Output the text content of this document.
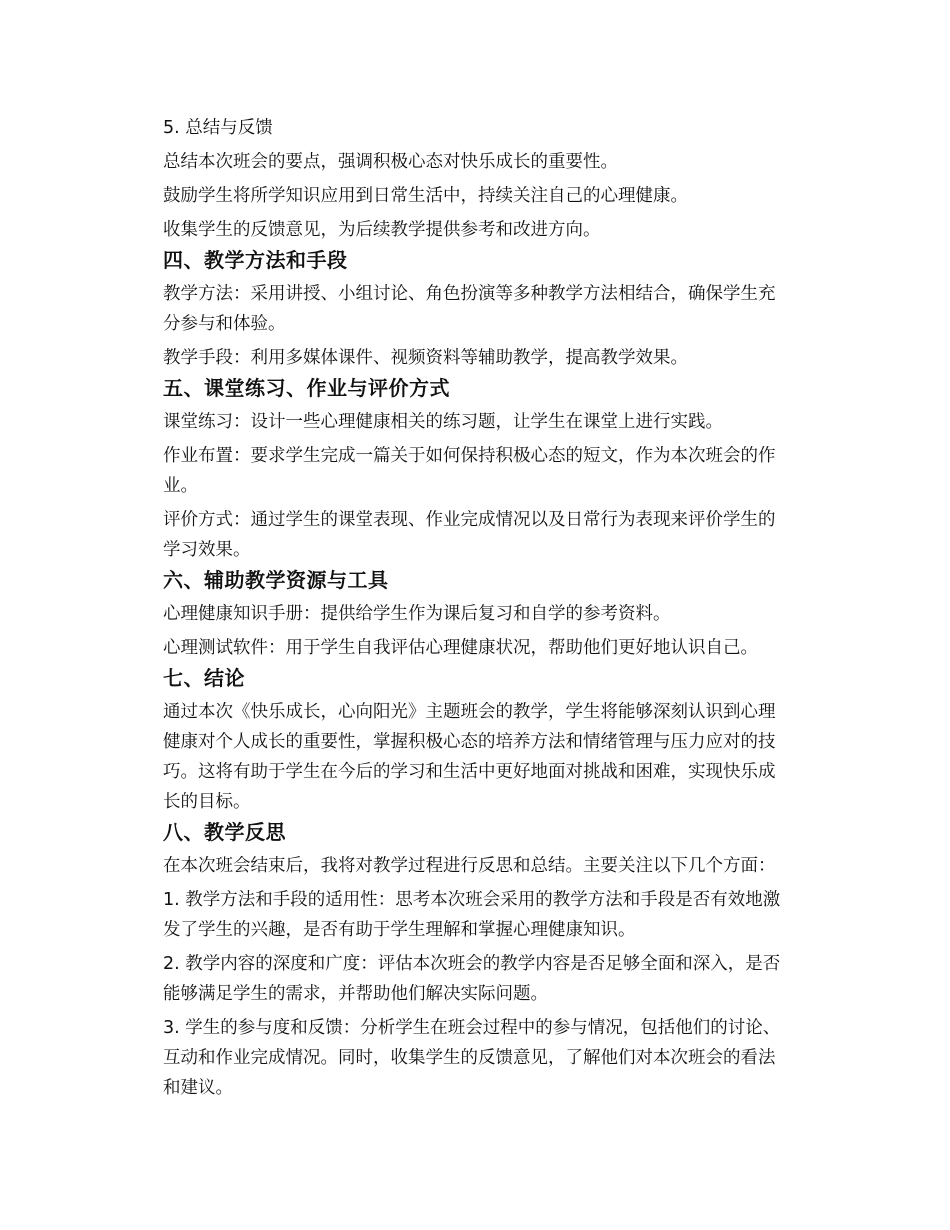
5. 总结与反馈

总结本次班会的要点，强调积极心态对快乐成长的重要性。

鼓励学生将所学知识应用到日常生活中，持续关注自己的心理健康。

收集学生的反馈意见，为后续教学提供参考和改进方向。

四、教学方法和手段

教学方法：采用讲授、小组讨论、角色扮演等多种教学方法相结合，确保学生充分参与和体验。

教学手段：利用多媒体课件、视频资料等辅助教学，提高教学效果。

五、课堂练习、作业与评价方式

课堂练习：设计一些心理健康相关的练习题，让学生在课堂上进行实践。

作业布置：要求学生完成一篇关于如何保持积极心态的短文，作为本次班会的作业。

评价方式：通过学生的课堂表现、作业完成情况以及日常行为表现来评价学生的学习效果。

六、辅助教学资源与工具

心理健康知识手册：提供给学生作为课后复习和自学的参考资料。

心理测试软件：用于学生自我评估心理健康状况，帮助他们更好地认识自己。

七、结论

通过本次《快乐成长，心向阳光》主题班会的教学，学生将能够深刻认识到心理健康对个人成长的重要性，掌握积极心态的培养方法和情绪管理与压力应对的技巧。这将有助于学生在今后的学习和生活中更好地面对挑战和困难，实现快乐成长的目标。

八、教学反思

在本次班会结束后，我将对教学过程进行反思和总结。主要关注以下几个方面：

1. 教学方法和手段的适用性：思考本次班会采用的教学方法和手段是否有效地激发了学生的兴趣，是否有助于学生理解和掌握心理健康知识。

2. 教学内容的深度和广度：评估本次班会的教学内容是否足够全面和深入，是否能够满足学生的需求，并帮助他们解决实际问题。

3. 学生的参与度和反馈：分析学生在班会过程中的参与情况，包括他们的讨论、互动和作业完成情况。同时，收集学生的反馈意见，了解他们对本次班会的看法和建议。
